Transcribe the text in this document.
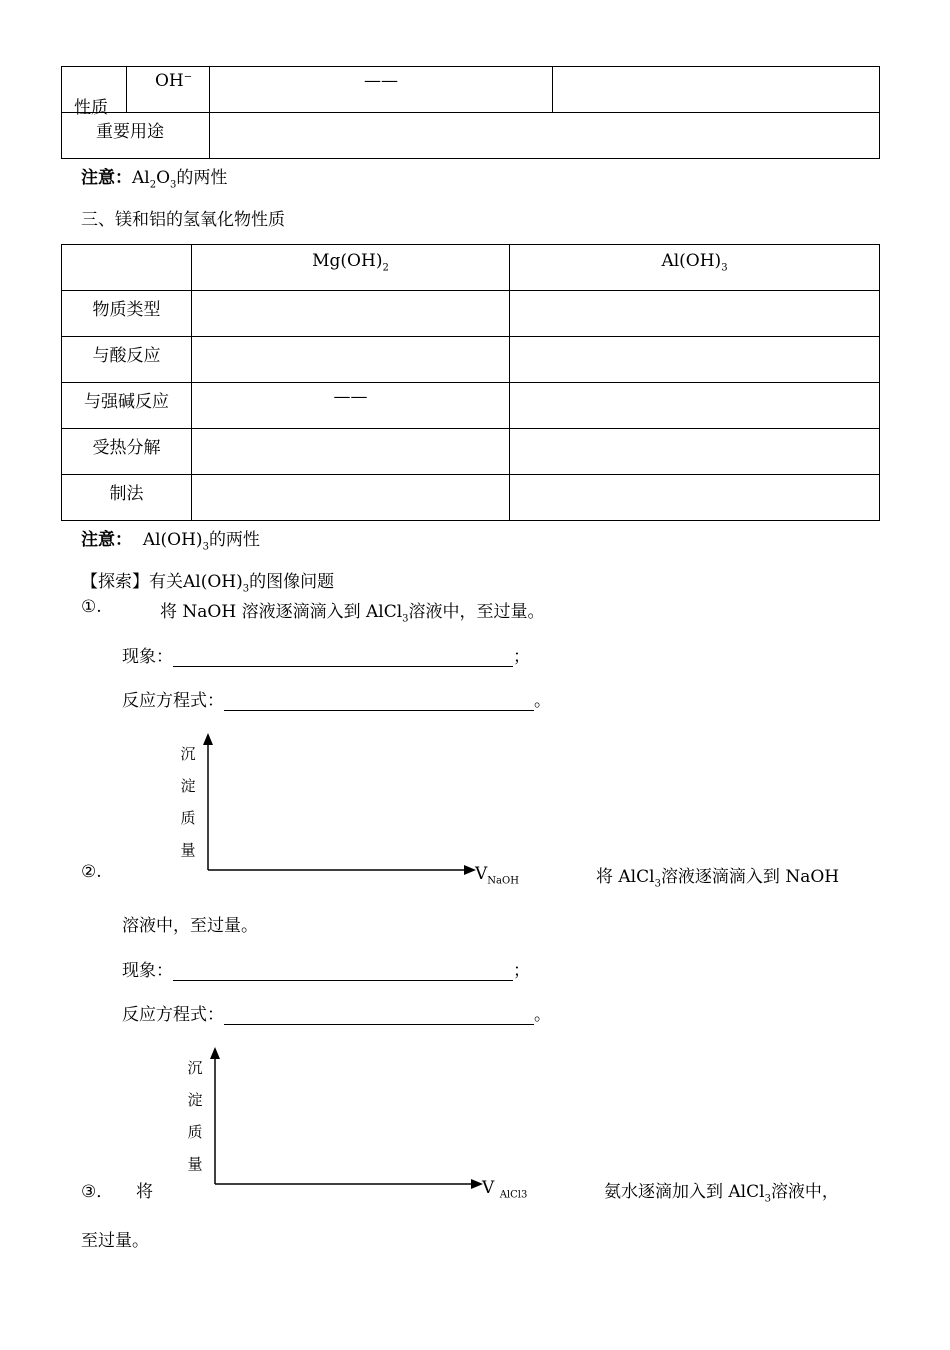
性质	OH−	——	

重要用途			

注意：$Al_2O_3$的两性
三、镁和铝的氢氧化物性质

	$Mg(OH)_2$	$Al(OH)_3$

物质类型		

与酸反应		

与强碱反应	——	

受热分解		

制法		

注意： $Al(OH)_3$的两性
【探索】有关$Al(OH)_3$的图像问题
①.	将 NaOH 溶液逐滴滴入到 AlCl$_3$溶液中，至过量。
现象：	；
反应方程式：	。
沉
淀
质
量
$V_{NaOH}$
②.	将 AlCl$_3$溶液逐滴滴入到 NaOH
溶液中，至过量。
现象：	；
反应方程式：	。
沉
淀
质
量
V $_{AlCl3}$
③． 将	氨水逐滴加入到 AlCl$_3$溶液中，
至过量。
